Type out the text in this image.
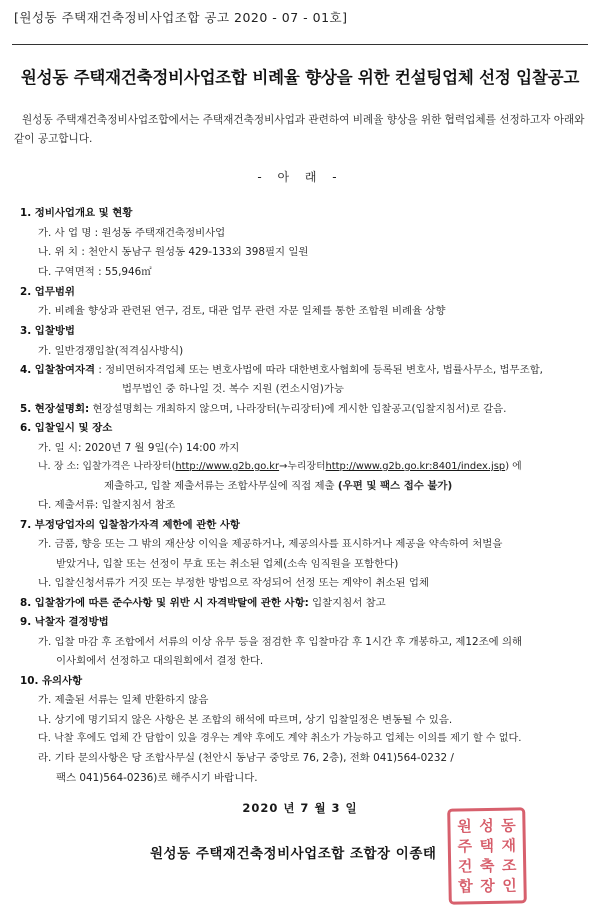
[원성동 주택재건축정비사업조합 공고 2020 - 07 - 01호]
원성동 주택재건축정비사업조합 비례율 향상을 위한 컨설팅업체 선정 입찰공고

원성동 주택재건축정비사업조합에서는 주택재건축정비사업과 관련하여 비례율 향상을 위한 협력업체를 선정하고자 아래와 같이 공고합니다.

- 아 래 -
1. 정비사업개요 및 현황
가. 사 업 명 : 원성동 주택재건축정비사업
나. 위 치 : 천안시 동남구 원성동 429-133외 398필지 일원
다. 구역면적 : 55,946㎡
2. 업무범위
가. 비례율 향상과 관련된 연구, 검토, 대관 업무 관련 자문 일체를 통한 조합원 비례율 상향
3. 입찰방법
가. 일반경쟁입찰(적격심사방식)
4. 입찰참여자격 : 정비면허자격업체 또는 변호사법에 따라 대한변호사협회에 등록된 변호사, 법률사무소, 법무조합,
법무법인 중 하나일 것. 복수 지원 (컨소시엄)가능
5. 현장설명회: 현장설명회는 개최하지 않으며, 나라장터(누리장터)에 게시한 입찰공고(입찰지침서)로 갈음.
6. 입찰일시 및 장소
가. 일 시: 2020년 7 월 9일(수) 14:00 까지
나. 장 소: 입찰가격은 나라장터(http://www.g2b.go.kr→누리장터http://www.g2b.go.kr:8401/index.jsp) 에
제출하고, 입찰 제출서류는 조합사무실에 직접 제출 (우편 및 팩스 접수 불가)
다. 제출서류: 입찰지침서 참조
7. 부정당업자의 입찰참가자격 제한에 관한 사항
가. 금품, 향응 또는 그 밖의 재산상 이익을 제공하거나, 제공의사를 표시하거나 제공을 약속하여 처벌을
받았거나, 입찰 또는 선정이 무효 또는 취소된 업체(소속 임직원을 포함한다)
나. 입찰신청서류가 거짓 또는 부정한 방법으로 작성되어 선정 또는 계약이 취소된 업체
8. 입찰참가에 따른 준수사항 및 위반 시 자격박탈에 관한 사항: 입찰지침서 참고
9. 낙찰자 결정방법
가. 입찰 마감 후 조합에서 서류의 이상 유무 등을 점검한 후 입찰마감 후 1시간 후 개봉하고, 제12조에 의해
이사회에서 선정하고 대의원회에서 결정 한다.
10. 유의사항
가. 제출된 서류는 일체 반환하지 않음
나. 상기에 명기되지 않은 사항은 본 조합의 해석에 따르며, 상기 입찰일정은 변동될 수 있음.
다. 낙찰 후에도 업체 간 담합이 있을 경우는 계약 후에도 계약 취소가 가능하고 업체는 이의를 제기 할 수 없다.
라. 기타 문의사항은 당 조합사무실 (천안시 동남구 중앙로 76, 2층), 전화 041)564-0232 /
팩스 041)564-0236)로 해주시기 바랍니다.
2020 년 7 월 3 일
원성동 주택재건축정비사업조합 조합장 이종태
원 성 동
주 택 재
건 축 조
합 장 인
